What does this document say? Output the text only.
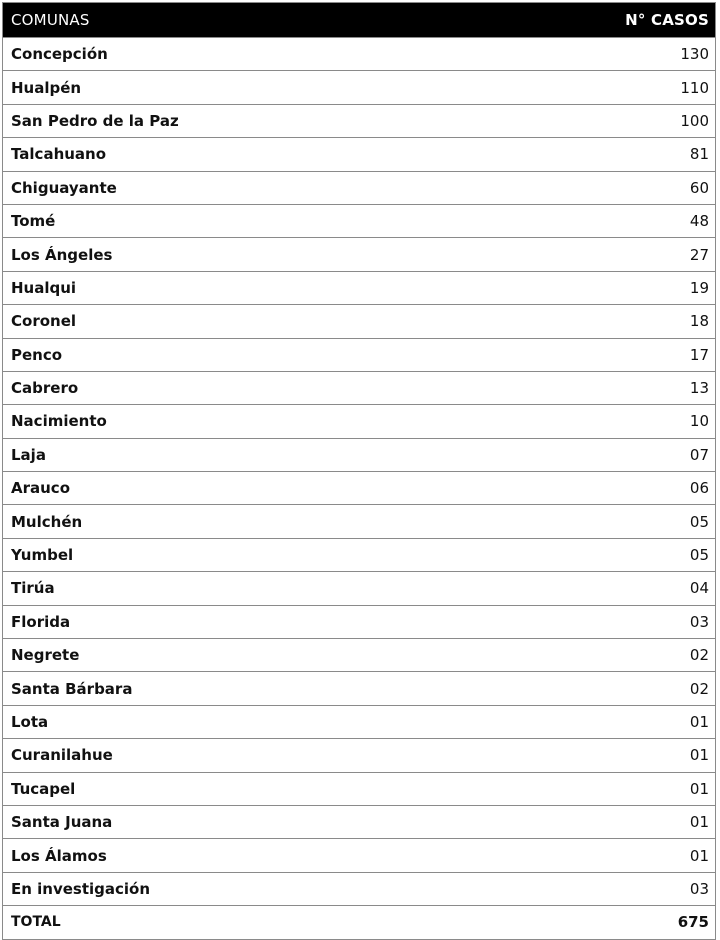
COMUNAS	N° CASOS
Concepción	130
Hualpén	110
San Pedro de la Paz	100
Talcahuano	81
Chiguayante	60
Tomé	48
Los Ángeles	27
Hualqui	19
Coronel	18
Penco	17
Cabrero	13
Nacimiento	10
Laja	07
Arauco	06
Mulchén	05
Yumbel	05
Tirúa	04
Florida	03
Negrete	02
Santa Bárbara	02
Lota	01
Curanilahue	01
Tucapel	01
Santa Juana	01
Los Álamos	01
En investigación	03
TOTAL	675
